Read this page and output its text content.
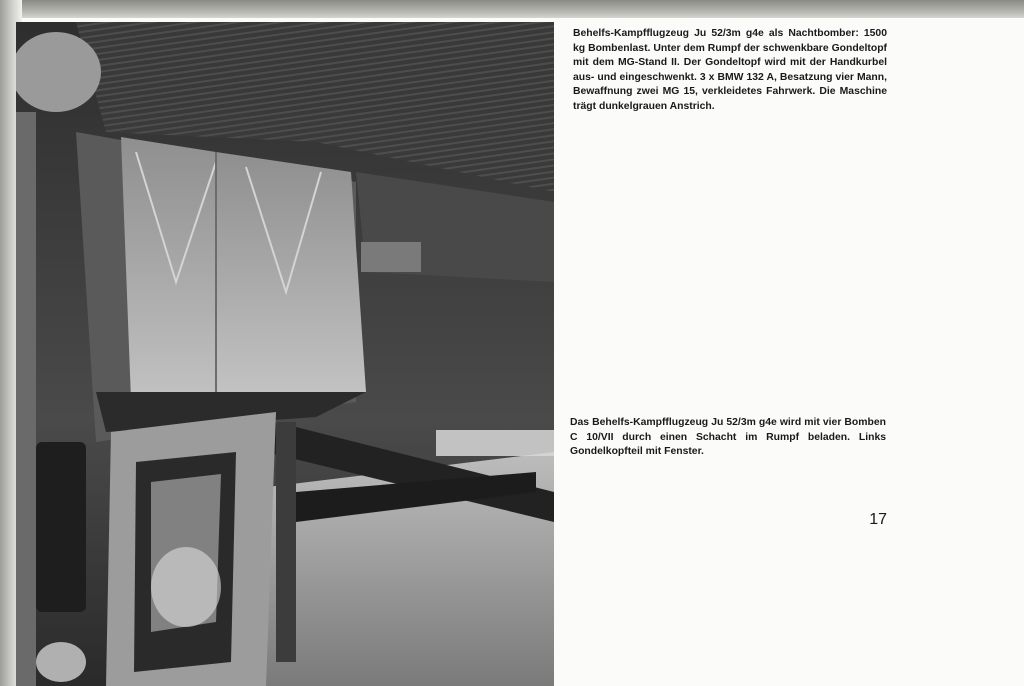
Behelfs-Kampfflugzeug Ju 52/3m g4e als Nachtbomber: 1500 kg Bombenlast. Unter dem Rumpf der schwenkbare Gondeltopf mit dem MG-Stand II. Der Gondeltopf wird mit der Handkurbel aus- und eingeschwenkt. 3 x BMW 132 A, Besatzung vier Mann, Bewaffnung zwei MG 15, verkleidetes Fahrwerk. Die Maschine trägt dunkelgrauen Anstrich.

Das Behelfs-Kampfflugzeug Ju 52/3m g4e wird mit vier Bomben C 10/VII durch einen Schacht im Rumpf beladen. Links Gondelkopfteil mit Fenster.

17
